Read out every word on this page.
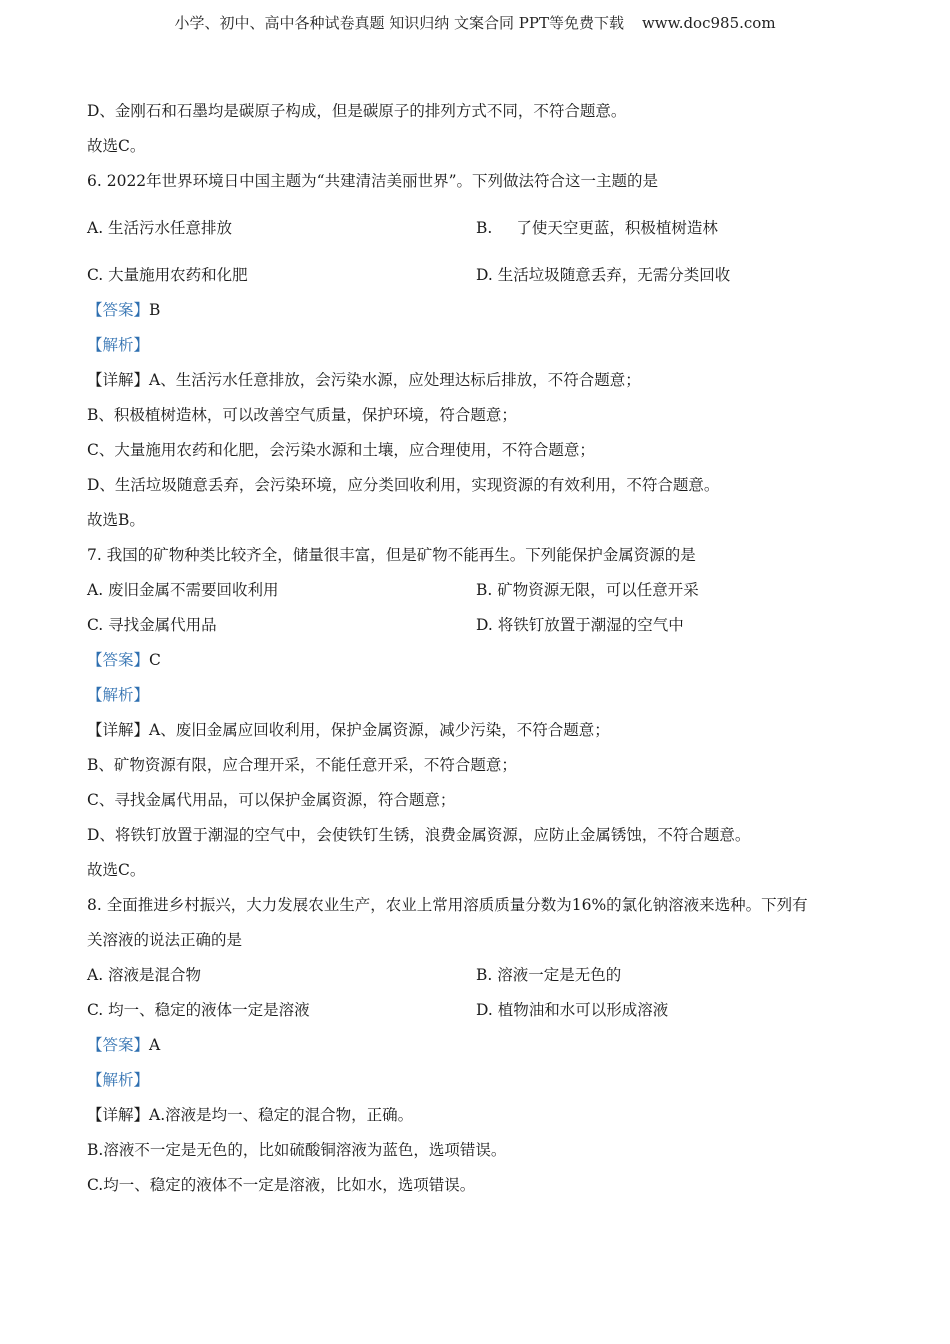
小学、初中、高中各种试卷真题 知识归纳 文案合同 PPT等免费下载 www.doc985.com
D、金刚石和石墨均是碳原子构成，但是碳原子的排列方式不同，不符合题意。
故选C。
6. 2022年世界环境日中国主题为“共建清洁美丽世界”。下列做法符合这一主题的是
A. 生活污水任意排放	B. 了使天空更蓝，积极植树造林
C. 大量施用农药和化肥	D. 生活垃圾随意丢弃，无需分类回收
【答案】B
【解析】
【详解】A、生活污水任意排放，会污染水源，应处理达标后排放，不符合题意；
B、积极植树造林，可以改善空气质量，保护环境，符合题意；
C、大量施用农药和化肥，会污染水源和土壤，应合理使用，不符合题意；
D、生活垃圾随意丢弃，会污染环境，应分类回收利用，实现资源的有效利用，不符合题意。
故选B。
7. 我国的矿物种类比较齐全，储量很丰富，但是矿物不能再生。下列能保护金属资源的是
A. 废旧金属不需要回收利用	B. 矿物资源无限，可以任意开采
C. 寻找金属代用品	D. 将铁钉放置于潮湿的空气中
【答案】C
【解析】
【详解】A、废旧金属应回收利用，保护金属资源，减少污染，不符合题意；
B、矿物资源有限，应合理开采，不能任意开采，不符合题意；
C、寻找金属代用品，可以保护金属资源，符合题意；
D、将铁钉放置于潮湿的空气中，会使铁钉生锈，浪费金属资源，应防止金属锈蚀，不符合题意。
故选C。
8. 全面推进乡村振兴，大力发展农业生产，农业上常用溶质质量分数为16%的氯化钠溶液来选种。下列有
关溶液的说法正确的是
A. 溶液是混合物	B. 溶液一定是无色的
C. 均一、稳定的液体一定是溶液	D. 植物油和水可以形成溶液
【答案】A
【解析】
【详解】A.溶液是均一、稳定的混合物，正确。
B.溶液不一定是无色的，比如硫酸铜溶液为蓝色，选项错误。
C.均一、稳定的液体不一定是溶液，比如水，选项错误。
